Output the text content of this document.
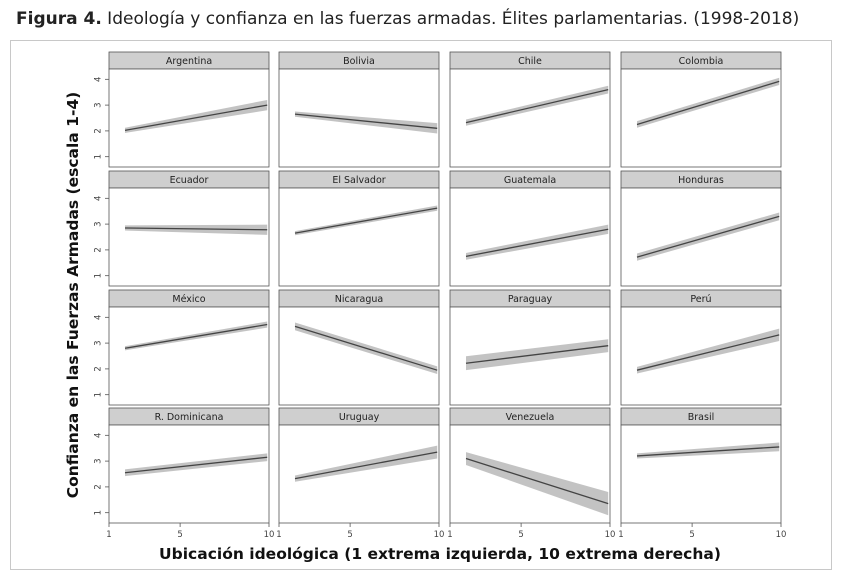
Figura 4. Ideología y confianza en las fuerzas armadas. Élites parlamentarias. (1998-2018)
Argentina
1
2
3
4
Bolivia	Chile	Colombia
Ecuador
1
2
3
4
El Salvador	Guatemala	Honduras
México
1
2
3
4
Nicaragua	Paraguay	Perú
R. Dominicana
1
2
3
4
1	5	10
Uruguay
1	5	10
Venezuela
1	5	10
Brasil
1	5	10
Confianza en las Fuerzas Armadas (escala 1-4)
Ubicación ideológica (1 extrema izquierda, 10 extrema derecha)
